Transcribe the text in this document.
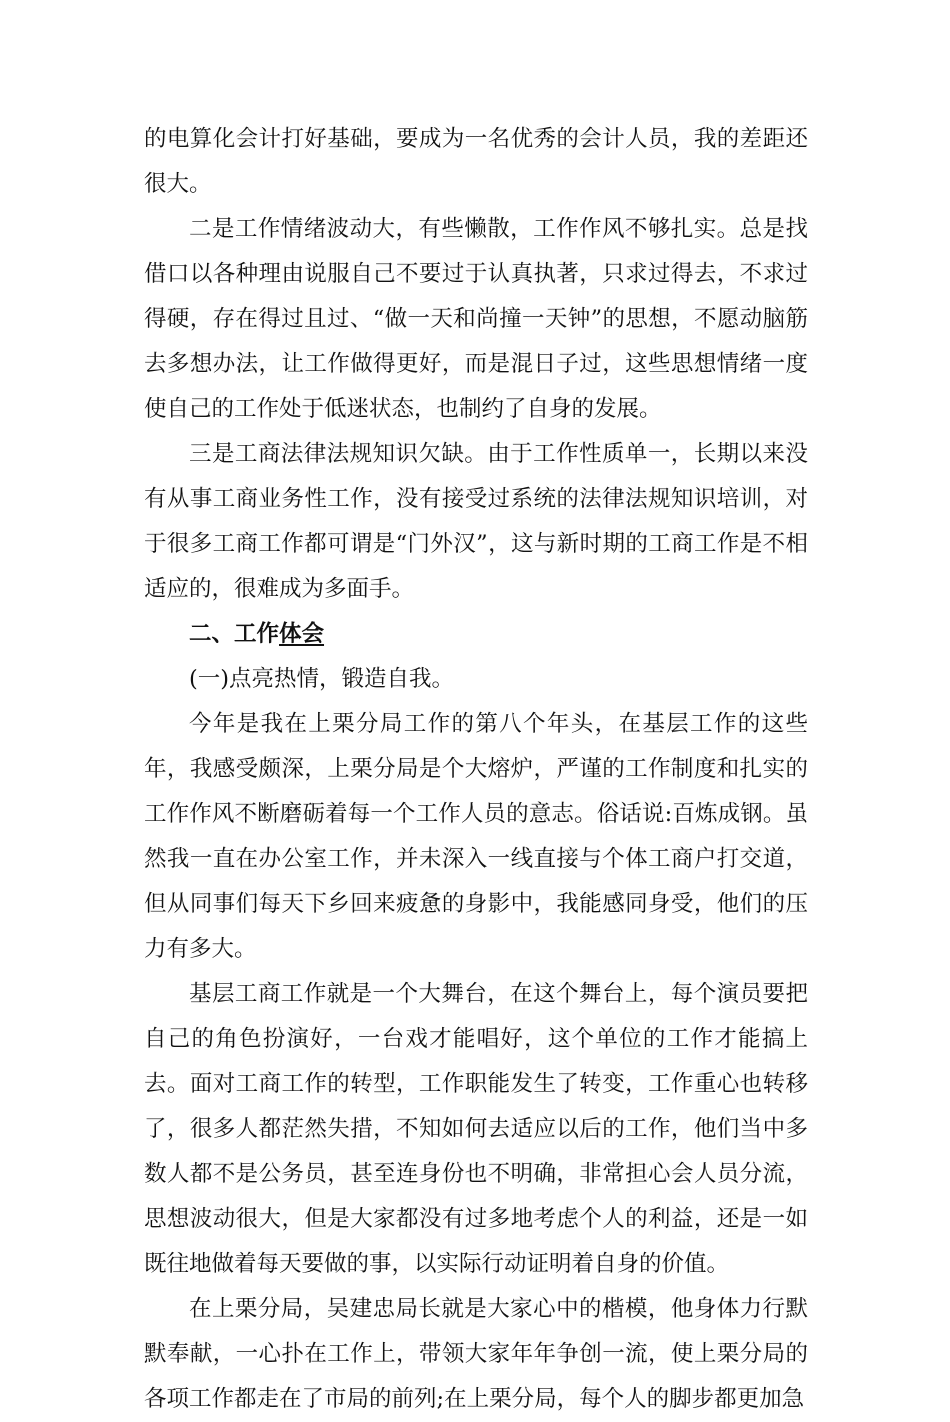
的电算化会计打好基础，要成为一名优秀的会计人员，我的差距还很大。

二是工作情绪波动大，有些懒散，工作作风不够扎实。总是找借口以各种理由说服自己不要过于认真执著，只求过得去，不求过得硬，存在得过且过、“做一天和尚撞一天钟”的思想，不愿动脑筋去多想办法，让工作做得更好，而是混日子过，这些思想情绪一度使自己的工作处于低迷状态，也制约了自身的发展。

三是工商法律法规知识欠缺。由于工作性质单一，长期以来没有从事工商业务性工作，没有接受过系统的法律法规知识培训，对于很多工商工作都可谓是“门外汉”，这与新时期的工商工作是不相适应的，很难成为多面手。

二、工作体会

(一)点亮热情，锻造自我。

今年是我在上栗分局工作的第八个年头，在基层工作的这些年，我感受颇深，上栗分局是个大熔炉，严谨的工作制度和扎实的工作作风不断磨砺着每一个工作人员的意志。俗话说:百炼成钢。虽然我一直在办公室工作，并未深入一线直接与个体工商户打交道，但从同事们每天下乡回来疲惫的身影中，我能感同身受，他们的压力有多大。

基层工商工作就是一个大舞台，在这个舞台上，每个演员要把自己的角色扮演好，一台戏才能唱好，这个单位的工作才能搞上去。面对工商工作的转型，工作职能发生了转变，工作重心也转移了，很多人都茫然失措，不知如何去适应以后的工作，他们当中多数人都不是公务员，甚至连身份也不明确，非常担心会人员分流，思想波动很大，但是大家都没有过多地考虑个人的利益，还是一如既往地做着每天要做的事，以实际行动证明着自身的价值。

在上栗分局，吴建忠局长就是大家心中的楷模，他身体力行默默奉献，一心扑在工作上，带领大家年年争创一流，使上栗分局的各项工作都走在了市局的前列;在上栗分局，每个人的脚步都更加急
